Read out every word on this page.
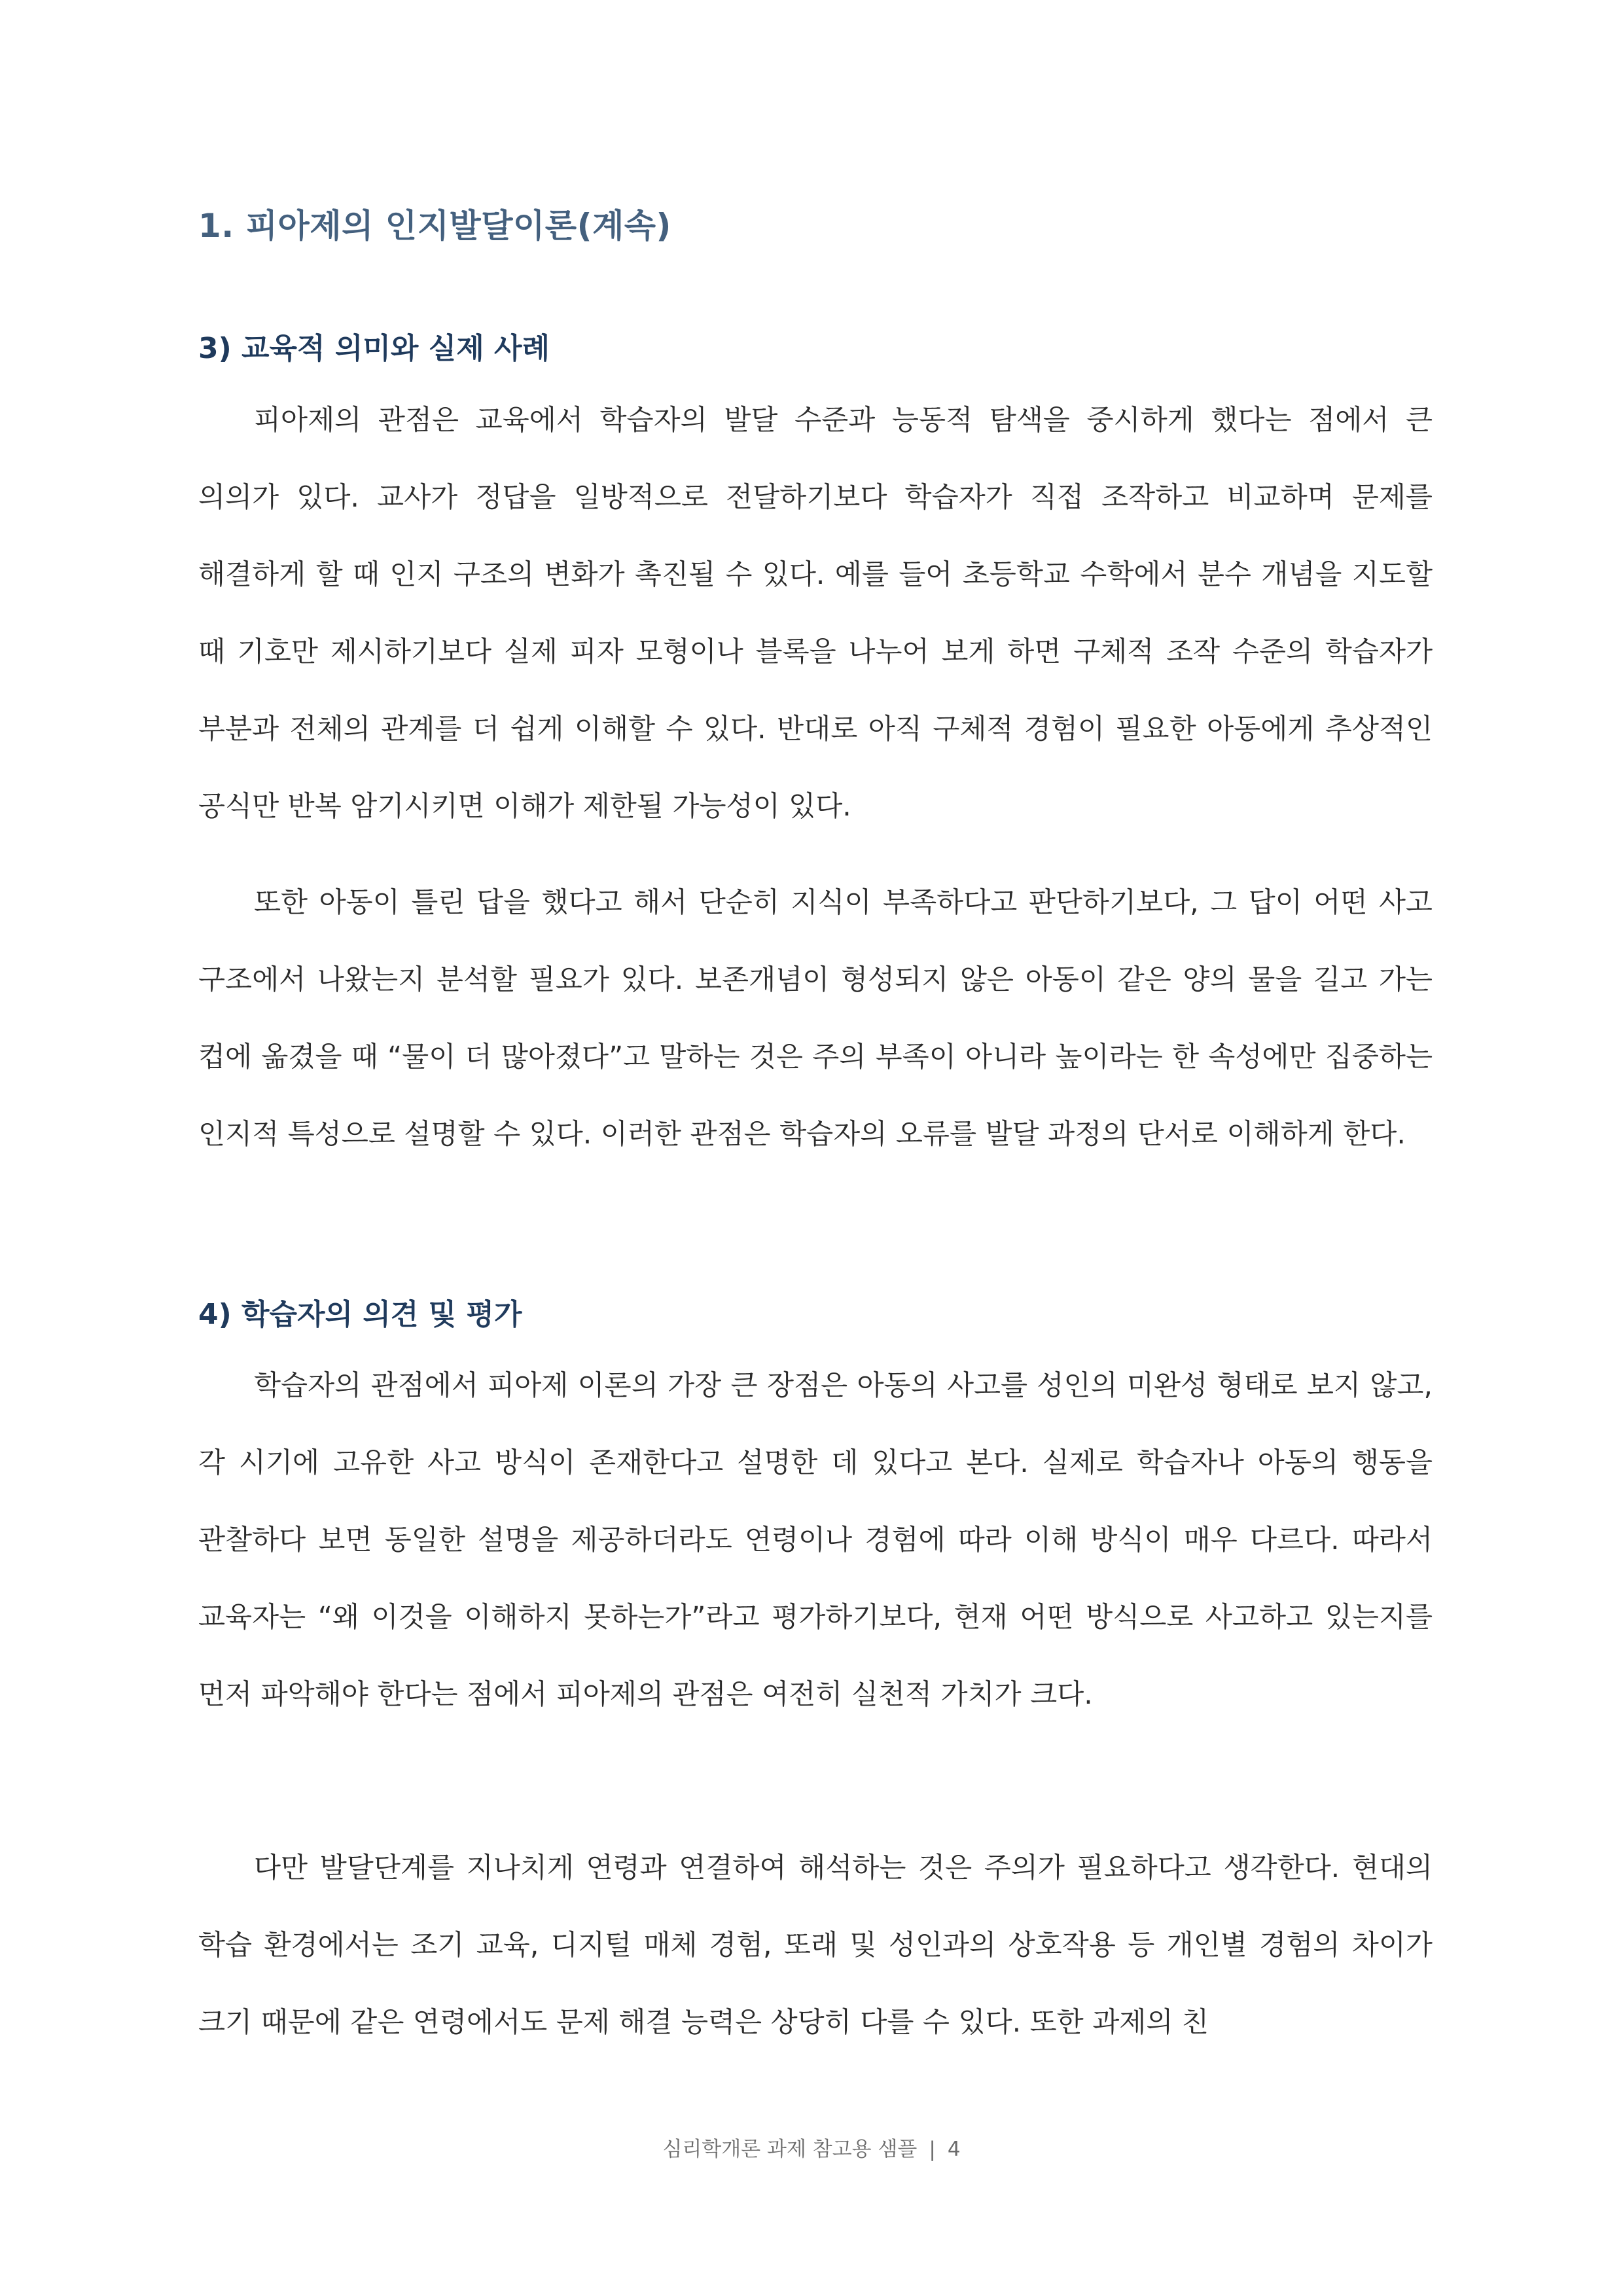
1. 피아제의 인지발달이론(계속)
3) 교육적 의미와 실제 사례

피아제의 관점은 교육에서 학습자의 발달 수준과 능동적 탐색을 중시하게 했다는 점에서 큰 의의가 있다. 교사가 정답을 일방적으로 전달하기보다 학습자가 직접 조작하고 비교하며 문제를 해결하게 할 때 인지 구조의 변화가 촉진될 수 있다. 예를 들어 초등학교 수학에서 분수 개념을 지도할 때 기호만 제시하기보다 실제 피자 모형이나 블록을 나누어 보게 하면 구체적 조작 수준의 학습자가 부분과 전체의 관계를 더 쉽게 이해할 수 있다. 반대로 아직 구체적 경험이 필요한 아동에게 추상적인 공식만 반복 암기시키면 이해가 제한될 가능성이 있다.

또한 아동이 틀린 답을 했다고 해서 단순히 지식이 부족하다고 판단하기보다, 그 답이 어떤 사고 구조에서 나왔는지 분석할 필요가 있다. 보존개념이 형성되지 않은 아동이 같은 양의 물을 길고 가는 컵에 옮겼을 때 “물이 더 많아졌다”고 말하는 것은 주의 부족이 아니라 높이라는 한 속성에만 집중하는 인지적 특성으로 설명할 수 있다. 이러한 관점은 학습자의 오류를 발달 과정의 단서로 이해하게 한다.

4) 학습자의 의견 및 평가

학습자의 관점에서 피아제 이론의 가장 큰 장점은 아동의 사고를 성인의 미완성 형태로 보지 않고, 각 시기에 고유한 사고 방식이 존재한다고 설명한 데 있다고 본다. 실제로 학습자나 아동의 행동을 관찰하다 보면 동일한 설명을 제공하더라도 연령이나 경험에 따라 이해 방식이 매우 다르다. 따라서 교육자는 “왜 이것을 이해하지 못하는가”라고 평가하기보다, 현재 어떤 방식으로 사고하고 있는지를 먼저 파악해야 한다는 점에서 피아제의 관점은 여전히 실천적 가치가 크다.

다만 발달단계를 지나치게 연령과 연결하여 해석하는 것은 주의가 필요하다고 생각한다. 현대의 학습 환경에서는 조기 교육, 디지털 매체 경험, 또래 및 성인과의 상호작용 등 개인별 경험의 차이가 크기 때문에 같은 연령에서도 문제 해결 능력은 상당히 다를 수 있다. 또한 과제의 친

심리학개론 과제 참고용 샘플 | 4
